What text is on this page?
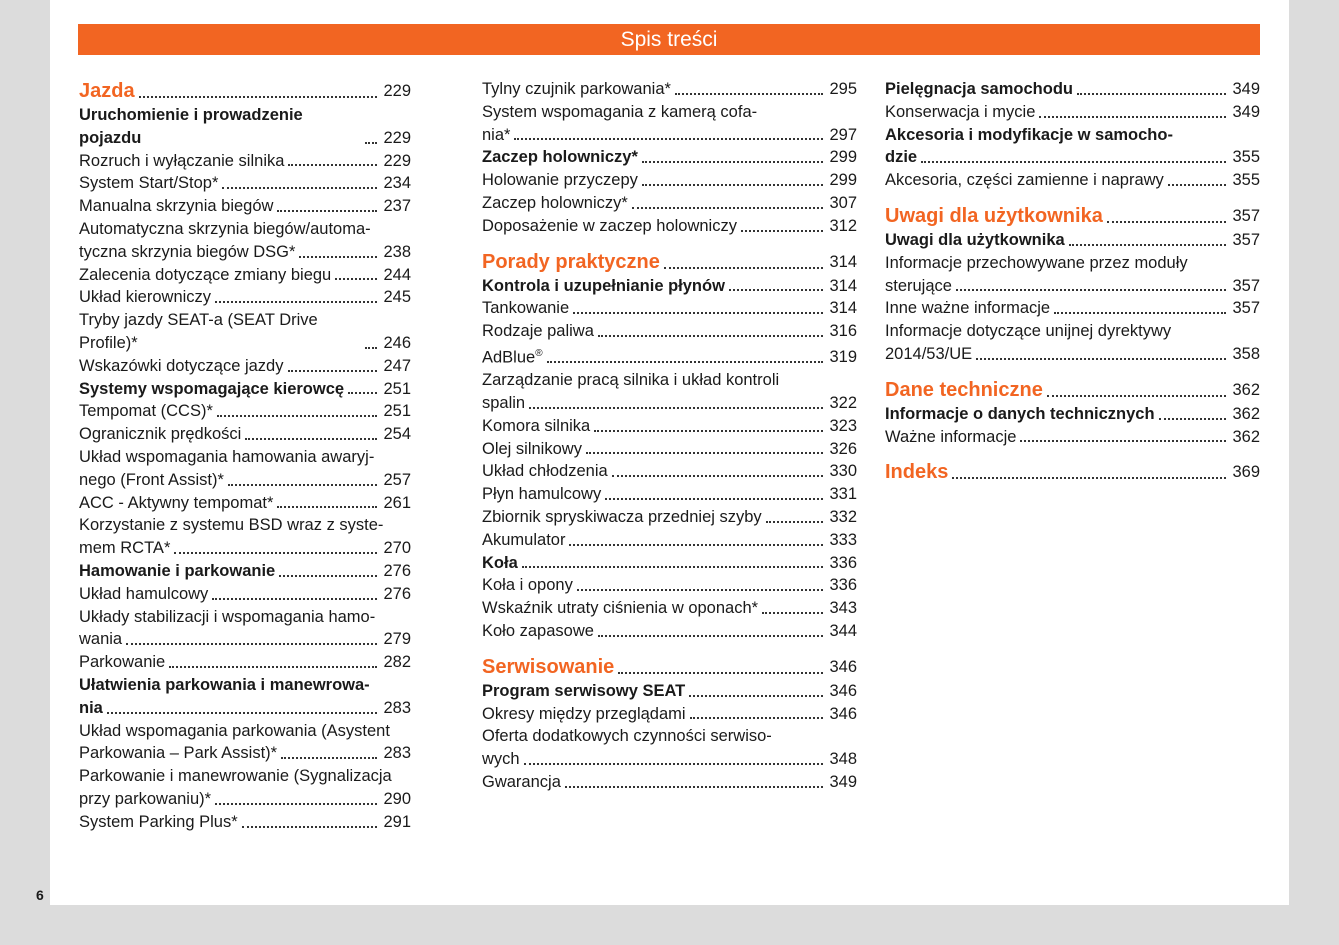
Spis treści
Jazda	229
Uruchomienie i prowadzenie pojazdu	229
Rozruch i wyłączanie silnika	229
System Start/Stop*	234
Manualna skrzynia biegów	237
Automatyczna skrzynia biegów/automa-
tyczna skrzynia biegów DSG*	238
Zalecenia dotyczące zmiany biegu	244
Układ kierowniczy	245
Tryby jazdy SEAT-a (SEAT Drive Profile)*	246
Wskazówki dotyczące jazdy	247
Systemy wspomagające kierowcę 251
Tempomat (CCS)*	251
Ogranicznik prędkości	254
Układ wspomagania hamowania awaryj-
nego (Front Assist)*	257
ACC - Aktywny tempomat*	261
Korzystanie z systemu BSD wraz z syste-
mem RCTA*	270
Hamowanie i parkowanie	276
Układ hamulcowy	276
Układy stabilizacji i wspomagania hamo-
wania	279
Parkowanie	282
Ułatwienia parkowania i manewrowa-
nia	283
Układ wspomagania parkowania (Asystent
Parkowania – Park Assist)*	283
Parkowanie i manewrowanie (Sygnalizacja
przy parkowaniu)*	290
System Parking Plus*	291
Tylny czujnik parkowania*	295
System wspomagania z kamerą cofa-
nia*	297
Zaczep holowniczy*	299
Holowanie przyczepy	299
Zaczep holowniczy*	307
Doposażenie w zaczep holowniczy	312
Porady praktyczne	314
Kontrola i uzupełnianie płynów	314
Tankowanie	314
Rodzaje paliwa	316
AdBlue®	319
Zarządzanie pracą silnika i układ kontroli
spalin	322
Komora silnika	323
Olej silnikowy	326
Układ chłodzenia	330
Płyn hamulcowy	331
Zbiornik spryskiwacza przedniej szyby	332
Akumulator	333
Koła	336
Koła i opony	336
Wskaźnik utraty ciśnienia w oponach*	343
Koło zapasowe	344
Serwisowanie	346
Program serwisowy SEAT	346
Okresy między przeglądami	346
Oferta dodatkowych czynności serwiso-
wych	348
Gwarancja	349
Pielęgnacja samochodu	349
Konserwacja i mycie	349
Akcesoria i modyfikacje w samocho-
dzie	355
Akcesoria, części zamienne i naprawy	355
Uwagi dla użytkownika	357
Uwagi dla użytkownika	357
Informacje przechowywane przez moduły
sterujące	357
Inne ważne informacje	357
Informacje dotyczące unijnej dyrektywy
2014/53/UE	358
Dane techniczne	362
Informacje o danych technicznych	362
Ważne informacje	362
Indeks	369
6
